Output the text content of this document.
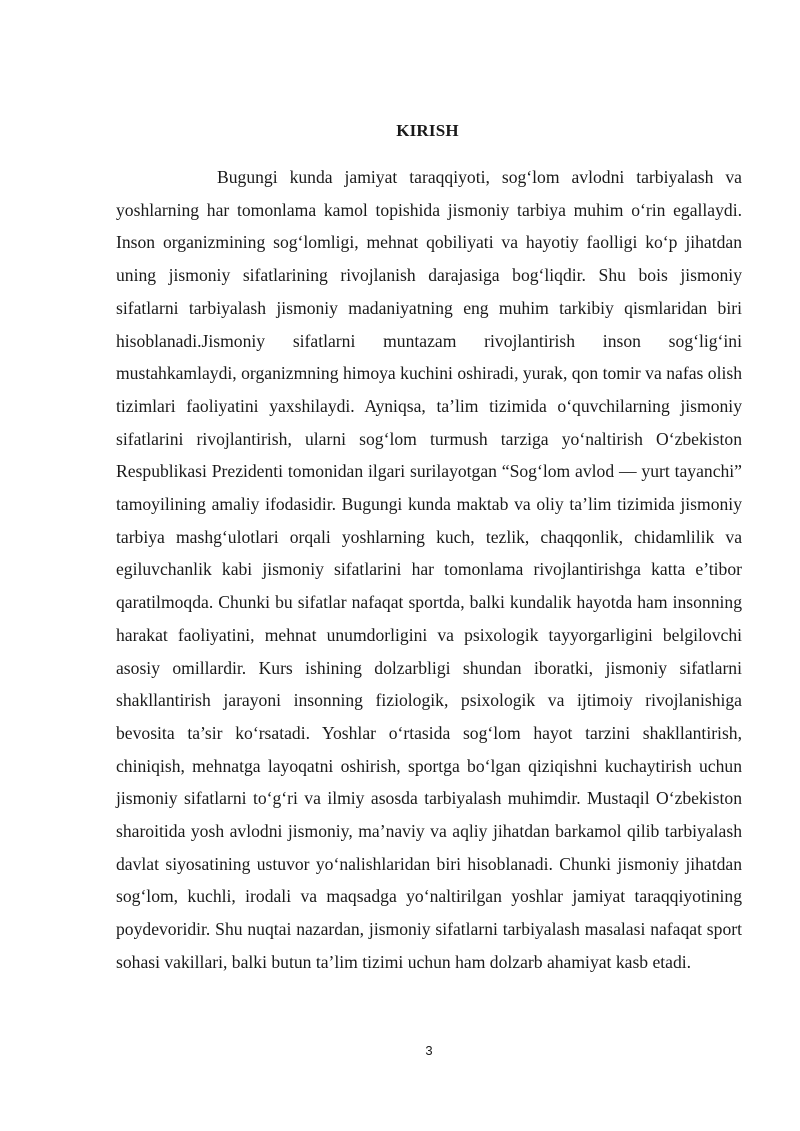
KIRISH

Bugungi kunda jamiyat taraqqiyoti, sog‘lom avlodni tarbiyalash va yoshlarning har tomonlama kamol topishida jismoniy tarbiya muhim o‘rin egallaydi. Inson organizmining sog‘lomligi, mehnat qobiliyati va hayotiy faolligi ko‘p jihatdan uning jismoniy sifatlarining rivojlanish darajasiga bog‘liqdir. Shu bois jismoniy sifatlarni tarbiyalash jismoniy madaniyatning eng muhim tarkibiy qismlaridan biri hisoblanadi.Jismoniy sifatlarni muntazam rivojlantirish inson sog‘lig‘ini mustahkamlaydi, organizmning himoya kuchini oshiradi, yurak, qon tomir va nafas olish tizimlari faoliyatini yaxshilaydi. Ayniqsa, ta’lim tizimida o‘quvchilarning jismoniy sifatlarini rivojlantirish, ularni sog‘lom turmush tarziga yo‘naltirish O‘zbekiston Respublikasi Prezidenti tomonidan ilgari surilayotgan “Sog‘lom avlod — yurt tayanchi” tamoyilining amaliy ifodasidir. Bugungi kunda maktab va oliy ta’lim tizimida jismoniy tarbiya mashg‘ulotlari orqali yoshlarning kuch, tezlik, chaqqonlik, chidamlilik va egiluvchanlik kabi jismoniy sifatlarini har tomonlama rivojlantirishga katta e’tibor qaratilmoqda. Chunki bu sifatlar nafaqat sportda, balki kundalik hayotda ham insonning harakat faoliyatini, mehnat unumdorligini va psixologik tayyorgarligini belgilovchi asosiy omillardir. Kurs ishining dolzarbligi shundan iboratki, jismoniy sifatlarni shakllantirish jarayoni insonning fiziologik, psixologik va ijtimoiy rivojlanishiga bevosita ta’sir ko‘rsatadi. Yoshlar o‘rtasida sog‘lom hayot tarzini shakllantirish, chiniqish, mehnatga layoqatni oshirish, sportga bo‘lgan qiziqishni kuchaytirish uchun jismoniy sifatlarni to‘g‘ri va ilmiy asosda tarbiyalash muhimdir. Mustaqil O‘zbekiston sharoitida yosh avlodni jismoniy, ma’naviy va aqliy jihatdan barkamol qilib tarbiyalash davlat siyosatining ustuvor yo‘nalishlaridan biri hisoblanadi. Chunki jismoniy jihatdan sog‘lom, kuchli, irodali va maqsadga yo‘naltirilgan yoshlar jamiyat taraqqiyotining poydevoridir. Shu nuqtai nazardan, jismoniy sifatlarni tarbiyalash masalasi nafaqat sport sohasi vakillari, balki butun ta’lim tizimi uchun ham dolzarb ahamiyat kasb etadi.

3
